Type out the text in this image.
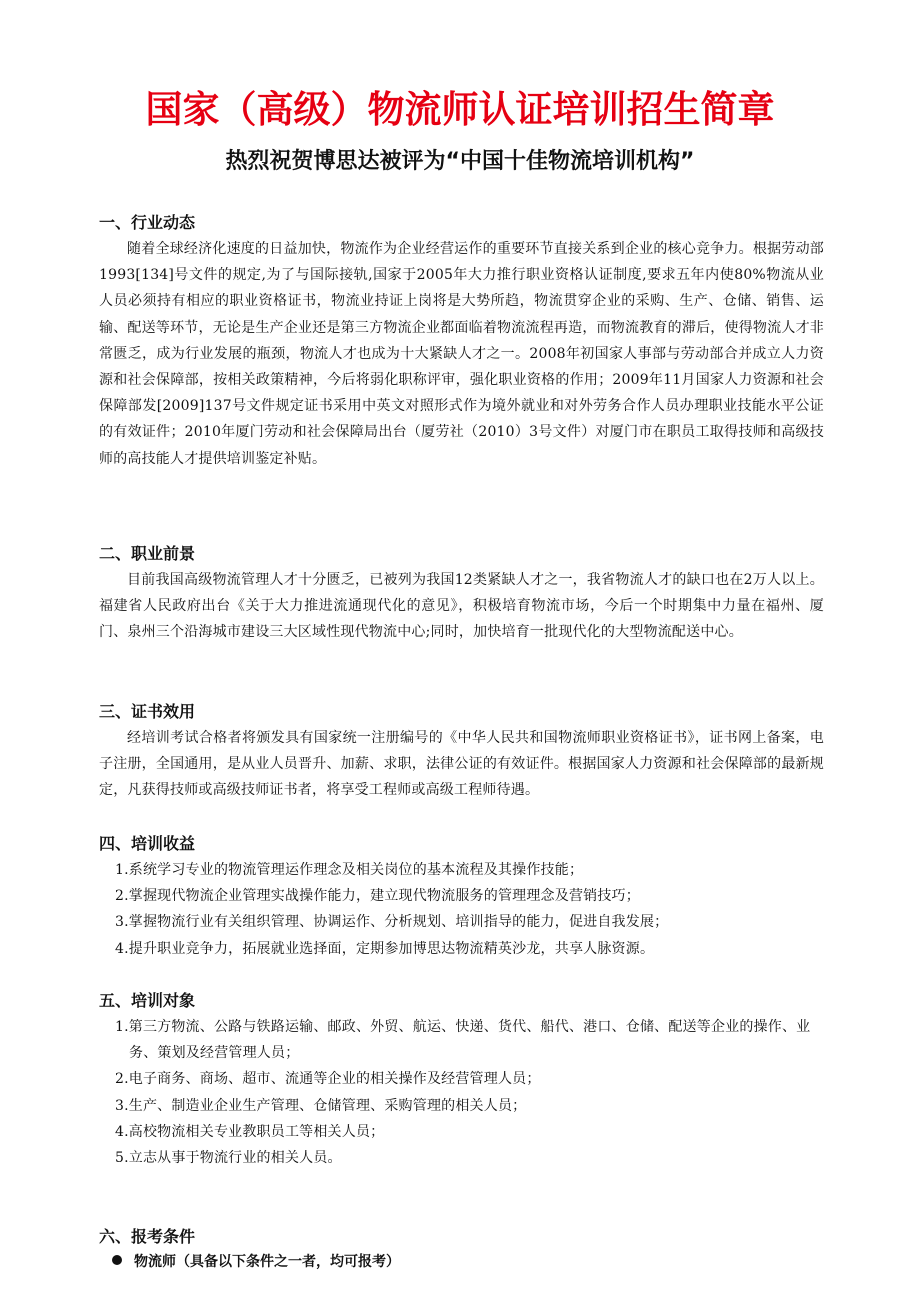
国家（高级）物流师认证培训招生简章
热烈祝贺博思达被评为“中国十佳物流培训机构”
一、行业动态

随着全球经济化速度的日益加快，物流作为企业经营运作的重要环节直接关系到企业的核心竞争力。根据劳动部1993[134]号文件的规定,为了与国际接轨,国家于2005年大力推行职业资格认证制度,要求五年内使80%物流从业人员必须持有相应的职业资格证书，物流业持证上岗将是大势所趋，物流贯穿企业的采购、生产、仓储、销售、运输、配送等环节，无论是生产企业还是第三方物流企业都面临着物流流程再造，而物流教育的滞后，使得物流人才非常匮乏，成为行业发展的瓶颈，物流人才也成为十大紧缺人才之一。2008年初国家人事部与劳动部合并成立人力资源和社会保障部，按相关政策精神，今后将弱化职称评审，强化职业资格的作用；2009年11月国家人力资源和社会保障部发[2009]137号文件规定证书采用中英文对照形式作为境外就业和对外劳务合作人员办理职业技能水平公证的有效证件；2010年厦门劳动和社会保障局出台（厦劳社（2010）3号文件）对厦门市在职员工取得技师和高级技师的高技能人才提供培训鉴定补贴。

二、职业前景

目前我国高级物流管理人才十分匮乏，已被列为我国12类紧缺人才之一，我省物流人才的缺口也在2万人以上。福建省人民政府出台《关于大力推进流通现代化的意见》，积极培育物流市场，今后一个时期集中力量在福州、厦门、泉州三个沿海城市建设三大区域性现代物流中心;同时，加快培育一批现代化的大型物流配送中心。

三、证书效用

经培训考试合格者将颁发具有国家统一注册编号的《中华人民共和国物流师职业资格证书》，证书网上备案，电子注册，全国通用，是从业人员晋升、加薪、求职，法律公证的有效证件。根据国家人力资源和社会保障部的最新规定，凡获得技师或高级技师证书者，将享受工程师或高级工程师待遇。

四、培训收益
1.系统学习专业的物流管理运作理念及相关岗位的基本流程及其操作技能；
2.掌握现代物流企业管理实战操作能力，建立现代物流服务的管理理念及营销技巧；
3.掌握物流行业有关组织管理、协调运作、分析规划、培训指导的能力，促进自我发展；
4.提升职业竞争力，拓展就业选择面，定期参加博思达物流精英沙龙，共享人脉资源。
五、培训对象
1.第三方物流、公路与铁路运输、邮政、外贸、航运、快递、货代、船代、港口、仓储、配送等企业的操作、业务、策划及经营管理人员；
2.电子商务、商场、超市、流通等企业的相关操作及经营管理人员；
3.生产、制造业企业生产管理、仓储管理、采购管理的相关人员；
4.高校物流相关专业教职员工等相关人员；
5.立志从事于物流行业的相关人员。
六、报考条件
物流师（具备以下条件之一者，均可报考）
